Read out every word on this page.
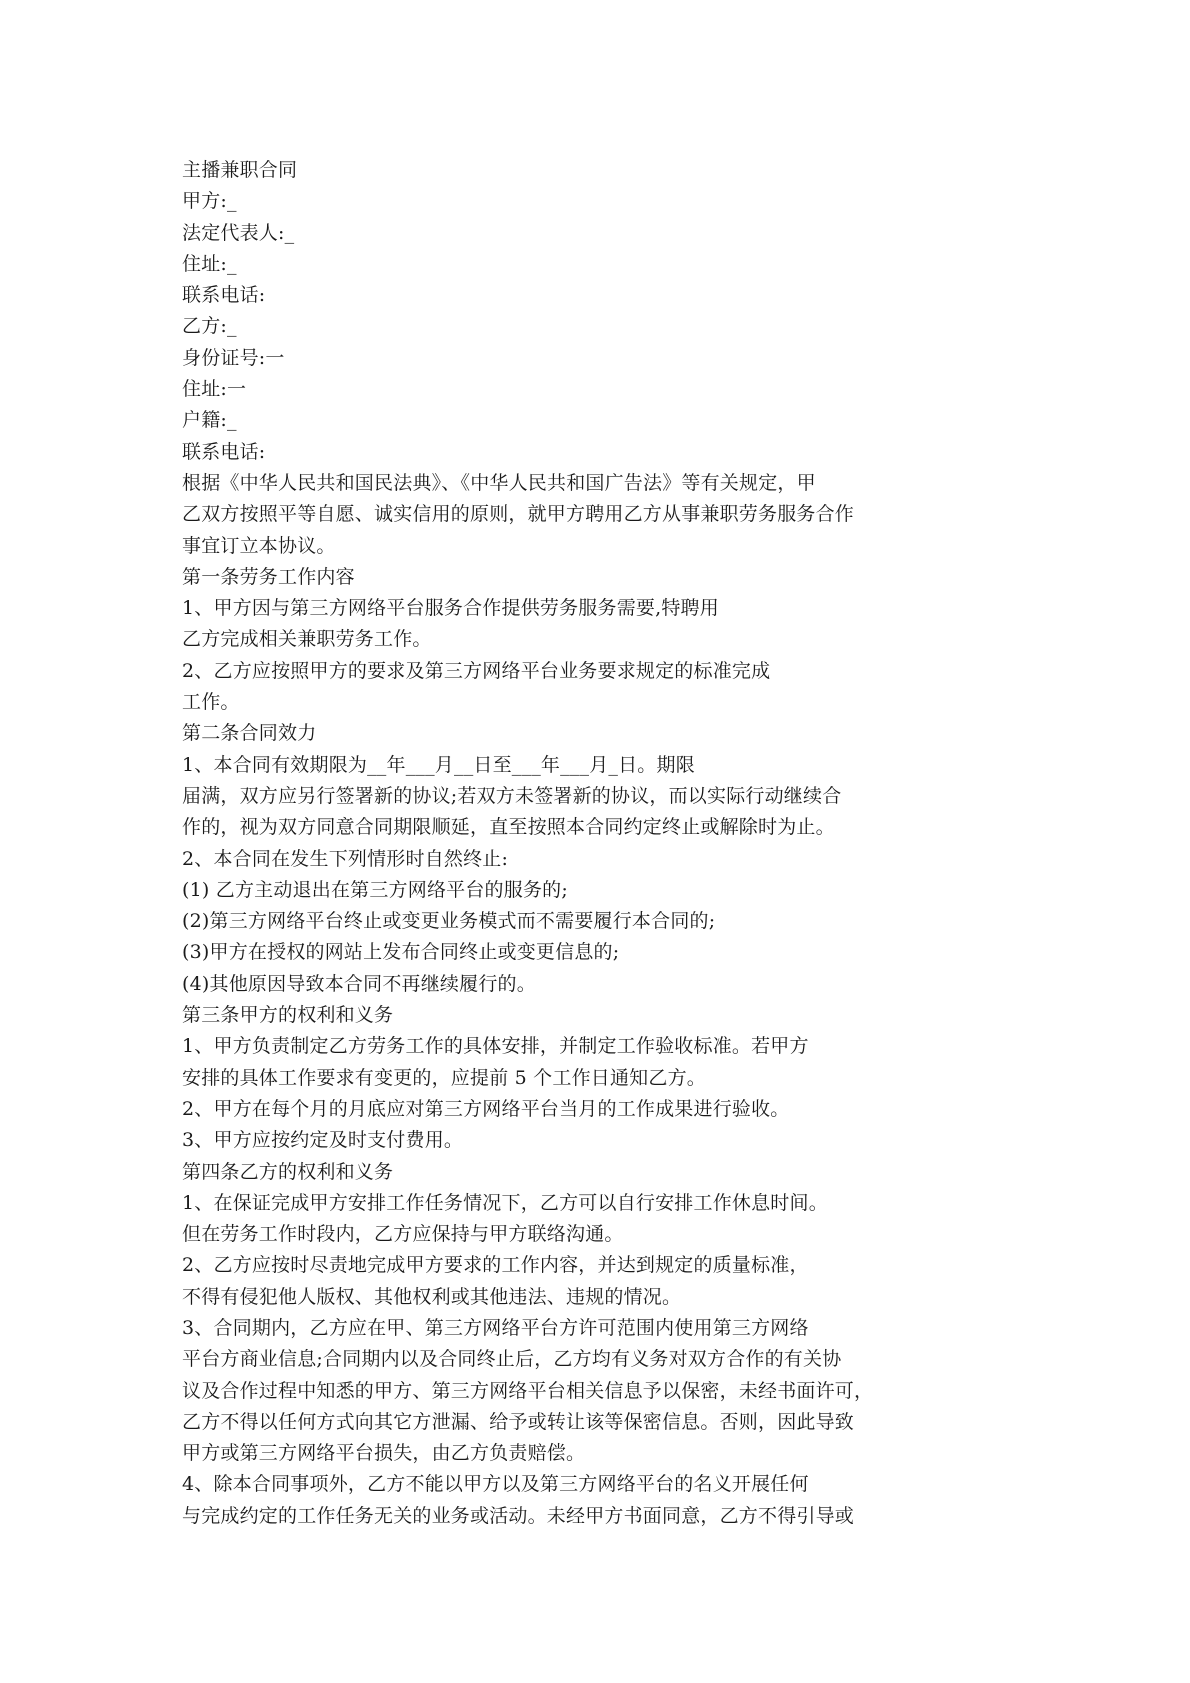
主播兼职合同
甲方:_
法定代表人:_
住址:_
联系电话:
乙方:_
身份证号:一
住址:一
户籍:_
联系电话:
根据《中华人民共和国民法典》、《中华人民共和国广告法》等有关规定，甲
乙双方按照平等自愿、诚实信用的原则，就甲方聘用乙方从事兼职劳务服务合作
事宜订立本协议。
第一条劳务工作内容
1、甲方因与第三方网络平台服务合作提供劳务服务需要,特聘用
乙方完成相关兼职劳务工作。
2、乙方应按照甲方的要求及第三方网络平台业务要求规定的标准完成
工作。
第二条合同效力
1、本合同有效期限为__年___月__日至___年___月_日。期限
届满，双方应另行签署新的协议;若双方未签署新的协议，而以实际行动继续合
作的，视为双方同意合同期限顺延，直至按照本合同约定终止或解除时为止。
2、本合同在发生下列情形时自然终止:
(1) 乙方主动退出在第三方网络平台的服务的;
(2)第三方网络平台终止或变更业务模式而不需要履行本合同的;
(3)甲方在授权的网站上发布合同终止或变更信息的;
(4)其他原因导致本合同不再继续履行的。
第三条甲方的权利和义务
1、甲方负责制定乙方劳务工作的具体安排，并制定工作验收标准。若甲方
安排的具体工作要求有变更的，应提前 5 个工作日通知乙方。
2、甲方在每个月的月底应对第三方网络平台当月的工作成果进行验收。
3、甲方应按约定及时支付费用。
第四条乙方的权利和义务
1、在保证完成甲方安排工作任务情况下，乙方可以自行安排工作休息时间。
但在劳务工作时段内，乙方应保持与甲方联络沟通。
2、乙方应按时尽责地完成甲方要求的工作内容，并达到规定的质量标准，
不得有侵犯他人版权、其他权利或其他违法、违规的情况。
3、合同期内，乙方应在甲、第三方网络平台方许可范围内使用第三方网络
平台方商业信息;合同期内以及合同终止后，乙方均有义务对双方合作的有关协
议及合作过程中知悉的甲方、第三方网络平台相关信息予以保密，未经书面许可，
乙方不得以任何方式向其它方泄漏、给予或转让该等保密信息。否则，因此导致
甲方或第三方网络平台损失，由乙方负责赔偿。
4、除本合同事项外，乙方不能以甲方以及第三方网络平台的名义开展任何
与完成约定的工作任务无关的业务或活动。未经甲方书面同意，乙方不得引导或
